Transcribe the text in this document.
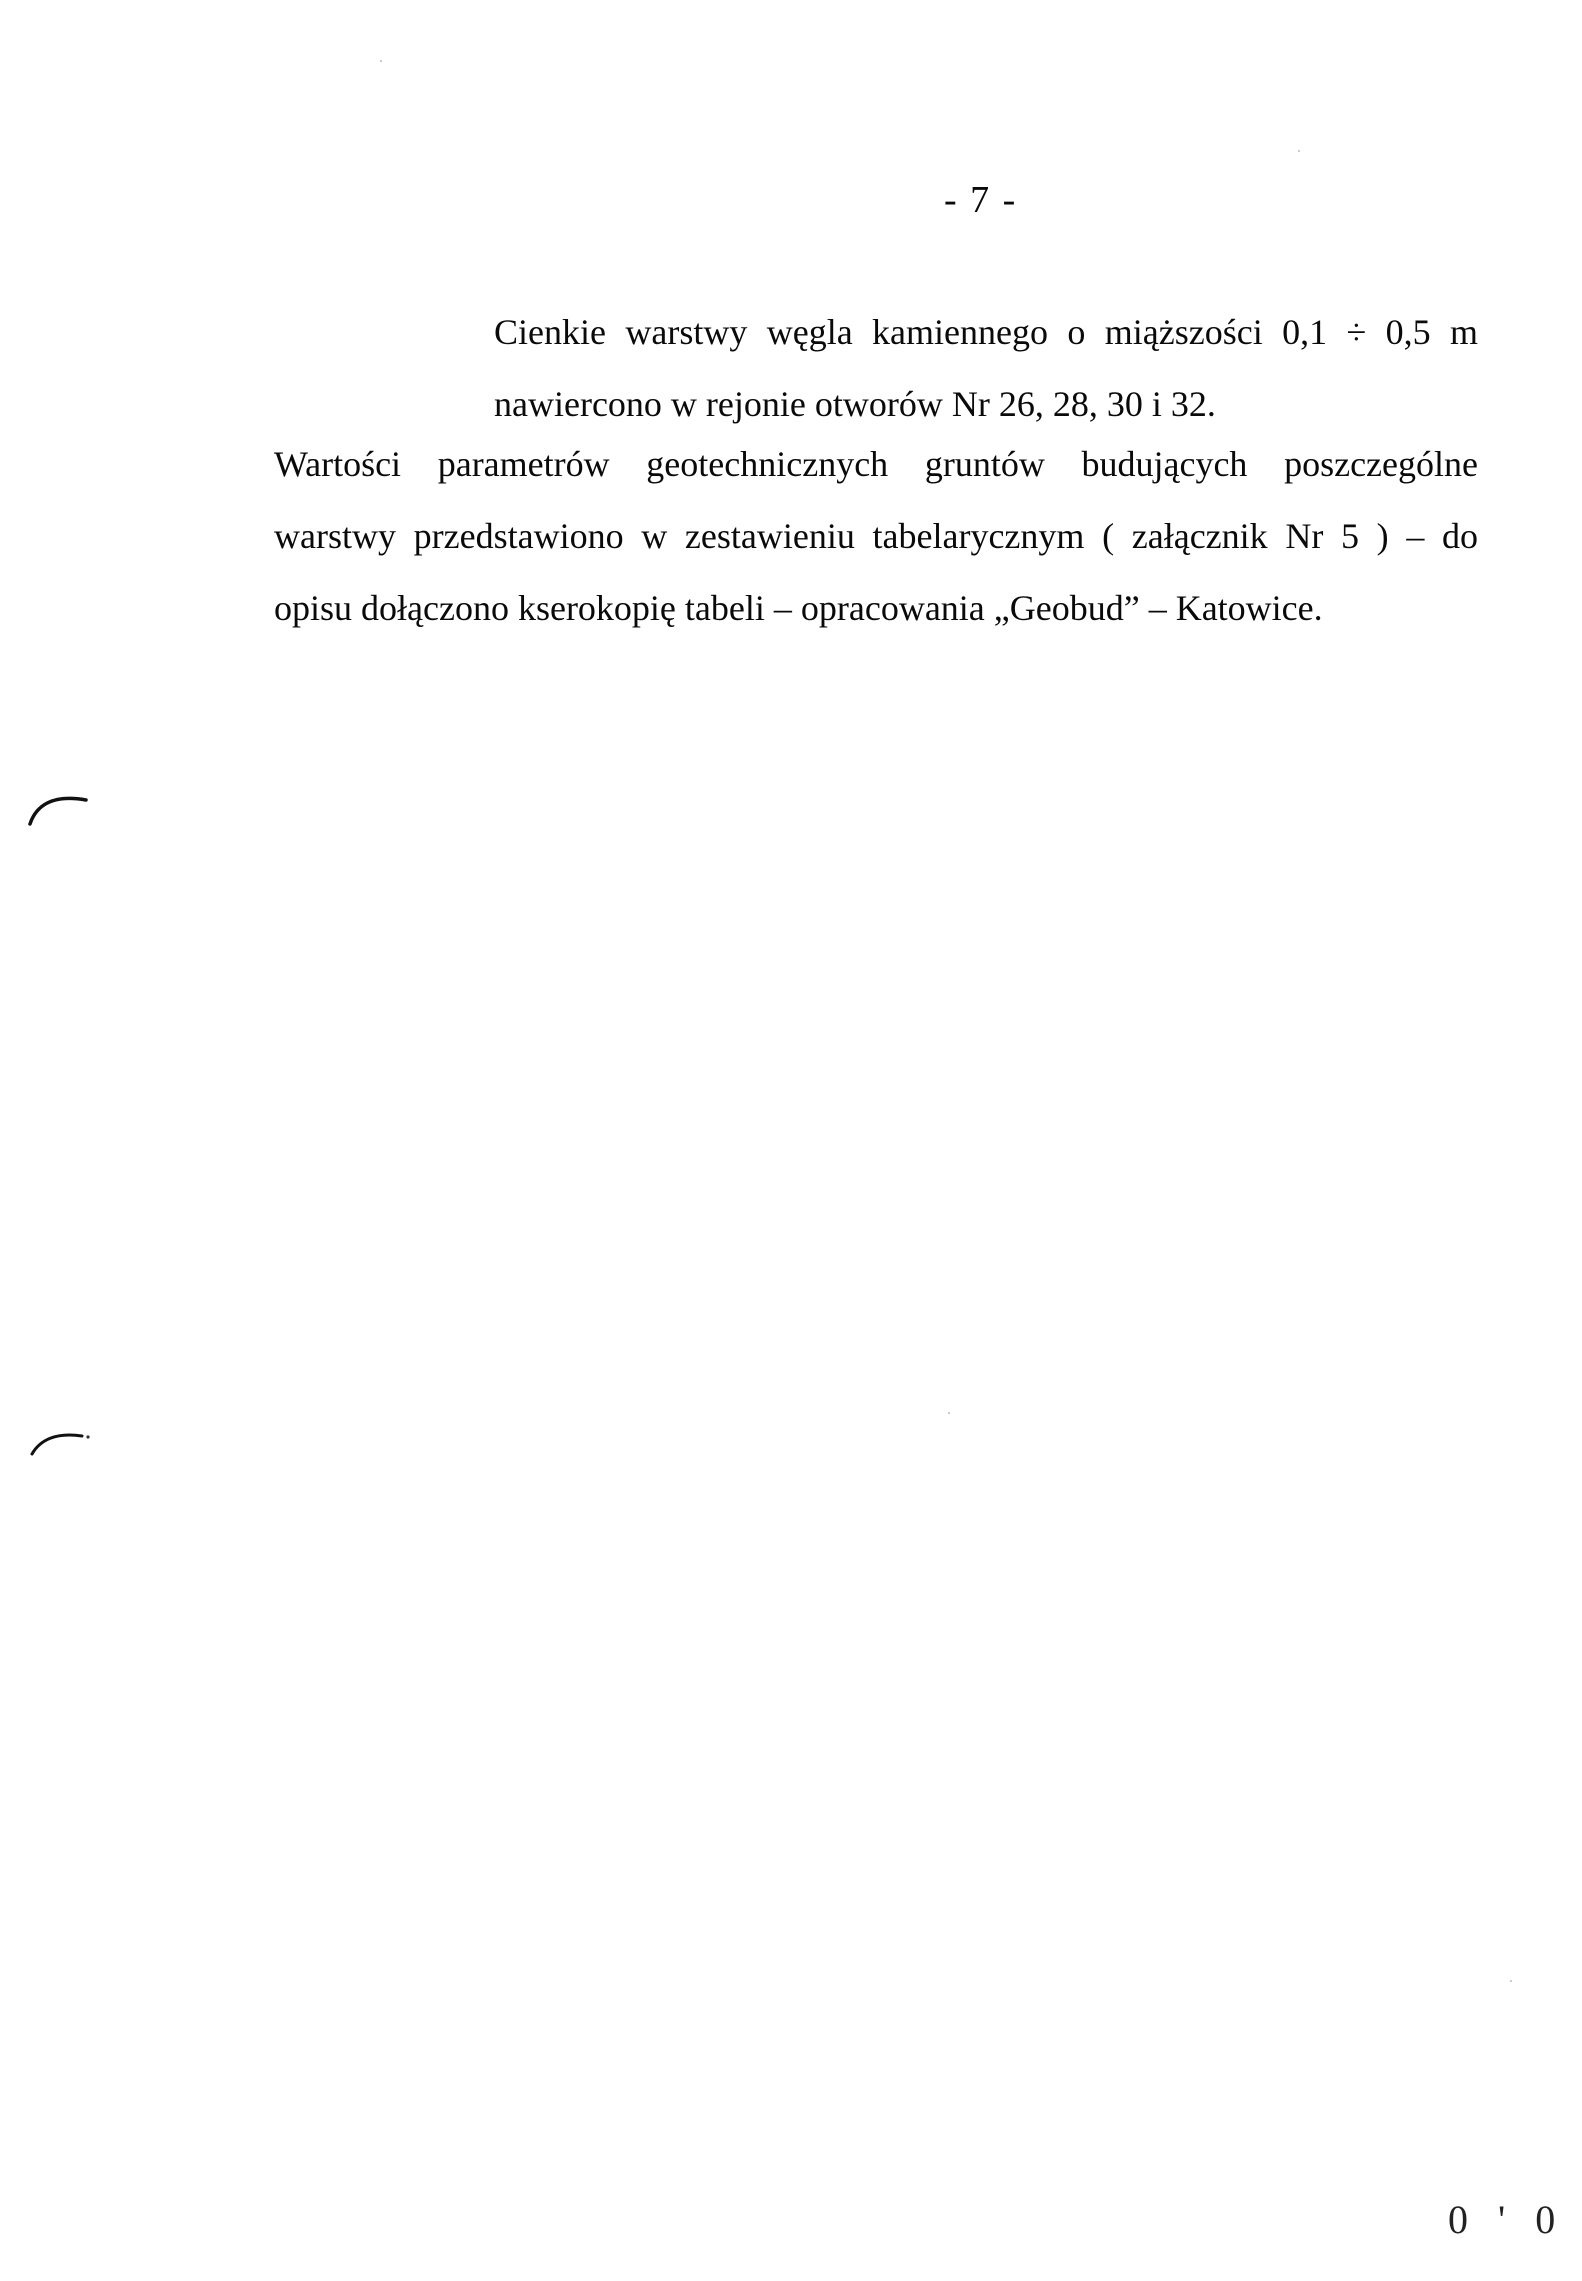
- 7 -
Cienkie warstwy węgla kamiennego o miąższości 0,1 ÷ 0,5 m
nawiercono w rejonie otworów Nr 26, 28, 30 i 32.
Wartości parametrów geotechnicznych gruntów budujących poszczególne
warstwy przedstawiono w zestawieniu tabelarycznym ( załącznik Nr 5 ) – do
opisu dołączono kserokopię tabeli – opracowania „Geobud” – Katowice.
0 ' 0
